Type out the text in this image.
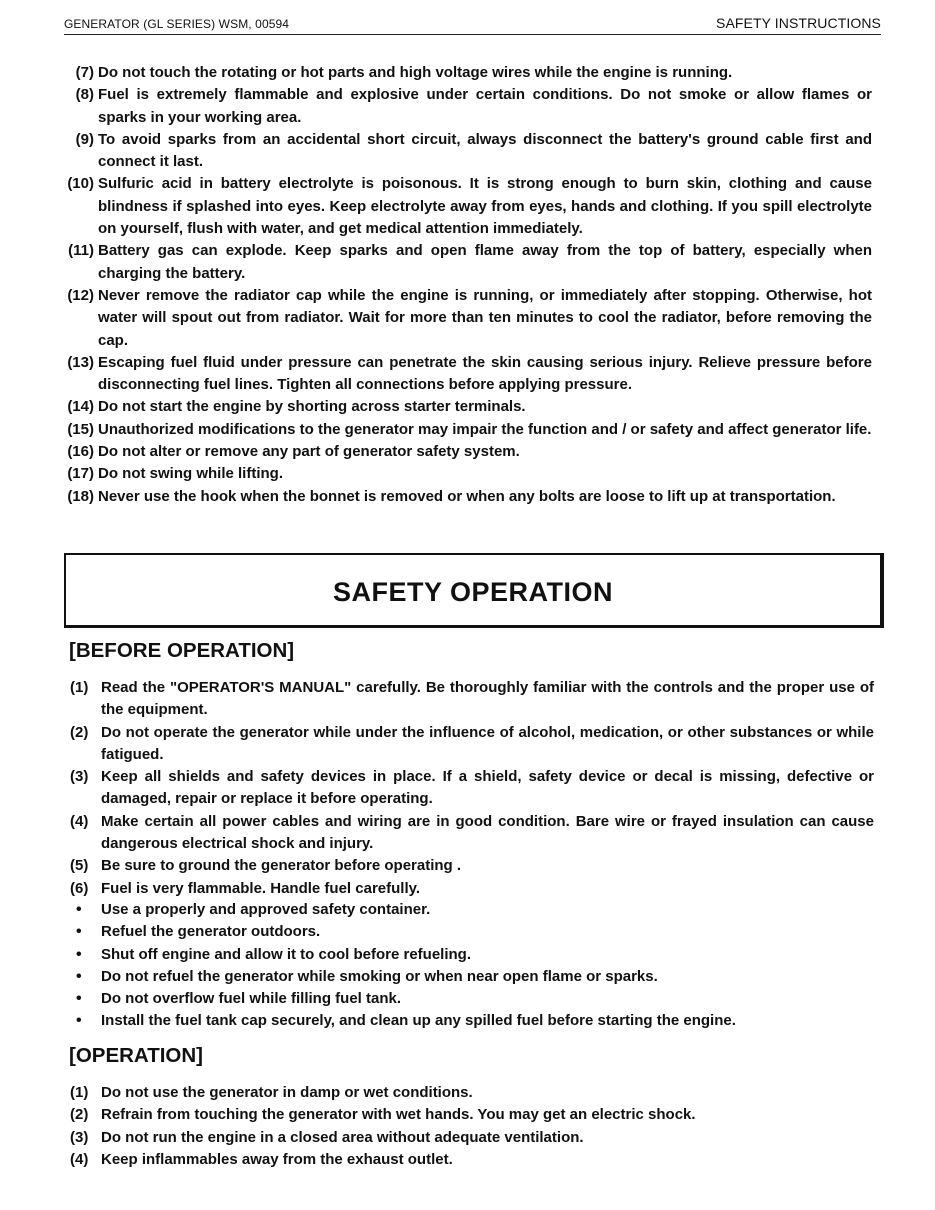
GENERATOR (GL SERIES) WSM, 00594	SAFETY INSTRUCTIONS
(7) Do not touch the rotating or hot parts and high voltage wires while the engine is running.
(8) Fuel is extremely flammable and explosive under certain conditions. Do not smoke or allow flames or sparks in your working area.
(9) To avoid sparks from an accidental short circuit, always disconnect the battery's ground cable first and connect it last.
(10) Sulfuric acid in battery electrolyte is poisonous. It is strong enough to burn skin, clothing and cause blindness if splashed into eyes. Keep electrolyte away from eyes, hands and clothing. If you spill electrolyte on yourself, flush with water, and get medical attention immediately.
(11) Battery gas can explode. Keep sparks and open flame away from the top of battery, especially when charging the battery.
(12) Never remove the radiator cap while the engine is running, or immediately after stopping. Otherwise, hot water will spout out from radiator. Wait for more than ten minutes to cool the radiator, before removing the cap.
(13) Escaping fuel fluid under pressure can penetrate the skin causing serious injury. Relieve pressure before disconnecting fuel lines. Tighten all connections before applying pressure.
(14) Do not start the engine by shorting across starter terminals.
(15) Unauthorized modifications to the generator may impair the function and / or safety and affect generator life.
(16) Do not alter or remove any part of generator safety system.
(17) Do not swing while lifting.
(18) Never use the hook when the bonnet is removed or when any bolts are loose to lift up at transportation.
SAFETY OPERATION
[BEFORE OPERATION]
(1) Read the "OPERATOR'S MANUAL" carefully. Be thoroughly familiar with the controls and the proper use of the equipment.
(2) Do not operate the generator while under the influence of alcohol, medication, or other substances or while fatigued.
(3) Keep all shields and safety devices in place. If a shield, safety device or decal is missing, defective or damaged, repair or replace it before operating.
(4) Make certain all power cables and wiring are in good condition. Bare wire or frayed insulation can cause dangerous electrical shock and injury.
(5) Be sure to ground the generator before operating .
(6) Fuel is very flammable. Handle fuel carefully.
• Use a properly and approved safety container.
• Refuel the generator outdoors.
• Shut off engine and allow it to cool before refueling.
• Do not refuel the generator while smoking or when near open flame or sparks.
• Do not overflow fuel while filling fuel tank.
• Install the fuel tank cap securely, and clean up any spilled fuel before starting the engine.
[OPERATION]
(1) Do not use the generator in damp or wet conditions.
(2) Refrain from touching the generator with wet hands. You may get an electric shock.
(3) Do not run the engine in a closed area without adequate ventilation.
(4) Keep inflammables away from the exhaust outlet.
